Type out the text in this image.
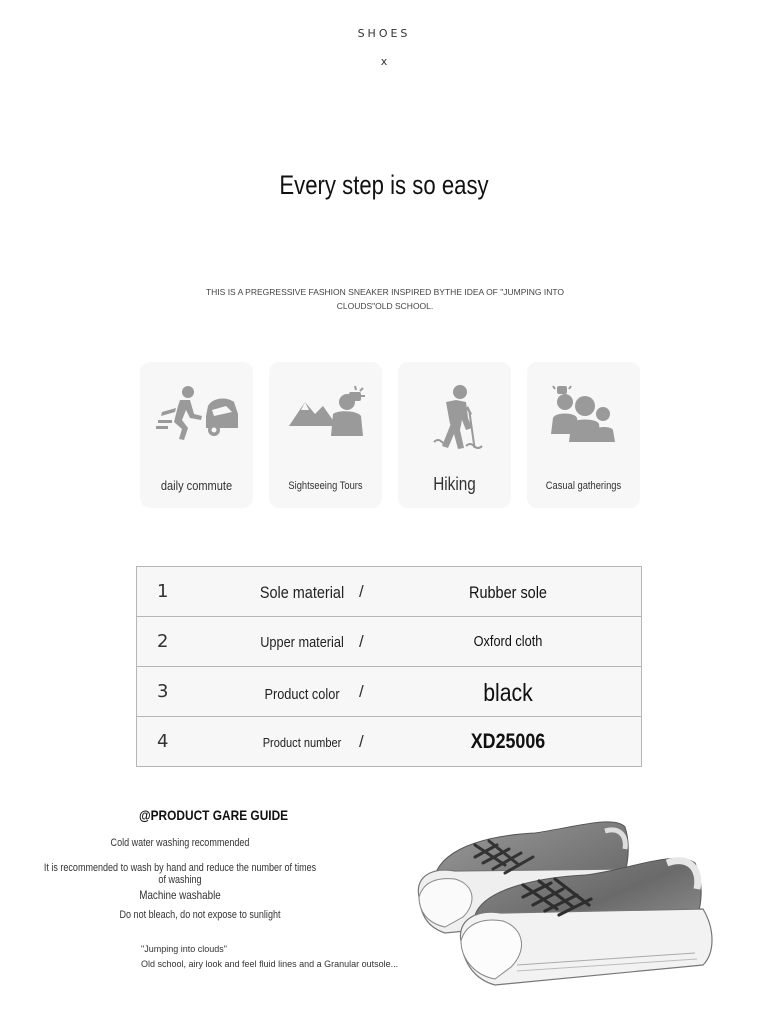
SHOES
x
Every step is so easy
THIS IS A PREGRESSIVE FASHION SNEAKER INSPIRED BYTHE IDEA OF "JUMPING INTO CLOUDS"OLD SCHOOL.
daily commute	Sightseeing Tours	Hiking	Casual gatherings
1	Sole material /	Rubber sole
2	Upper material /	Oxford cloth
3	Product color	/	black
4	Product number	/	XD25006
@PRODUCT GARE GUIDE
Cold water washing recommended
It is recommended to wash by hand and reduce the number of times of washing
Machine washable
Do not bleach, do not expose to sunlight
"Jumping into clouds"
Old school, airy look and feel fluid lines and a Granular outsole...
